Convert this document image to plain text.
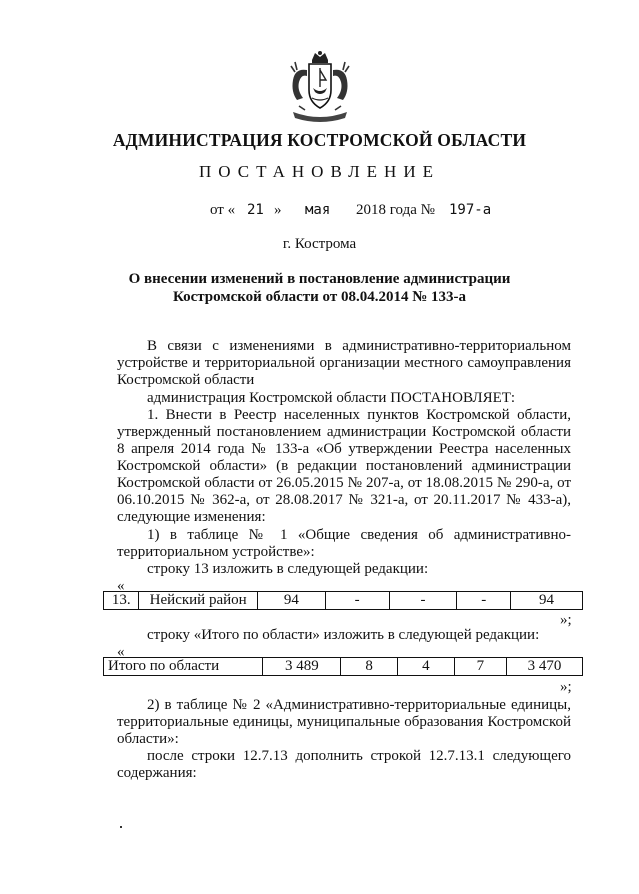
АДМИНИСТРАЦИЯ КОСТРОМСКОЙ ОБЛАСТИ
ПОСТАНОВЛЕНИЕ
от « 21 » мая 2018 года № 197-а
г. Кострома
О внесении изменений в постановление администрации
Костромской области от 08.04.2014 № 133-а
В связи с изменениями в административно-территориальном
устройстве и территориальной организации местного самоуправления
Костромской области
администрация Костромской области ПОСТАНОВЛЯЕТ:
1. Внести в Реестр населенных пунктов Костромской области,
утвержденный постановлением администрации Костромской области
8 апреля 2014 года № 133-а «Об утверждении Реестра населенных
Костромской области» (в редакции постановлений администрации
Костромской области от 26.05.2015 № 207-а, от 18.08.2015 № 290-а, от
06.10.2015 № 362-а, от 28.08.2017 № 321-а, от 20.11.2017 № 433-а),
следующие изменения:
1) в таблице № 1 «Общие сведения об административно-
территориальном устройстве»:
строку 13 изложить в следующей редакции:
«
13.	Нейский район	94	-	-	-	94
»;
строку «Итого по области» изложить в следующей редакции:
«
Итого по области	3 489	8	4	7	3 470
»;
2) в таблице № 2 «Административно-территориальные единицы,
территориальные единицы, муниципальные образования Костромской
области»:
после строки 12.7.13 дополнить строкой 12.7.13.1 следующего
содержания:
